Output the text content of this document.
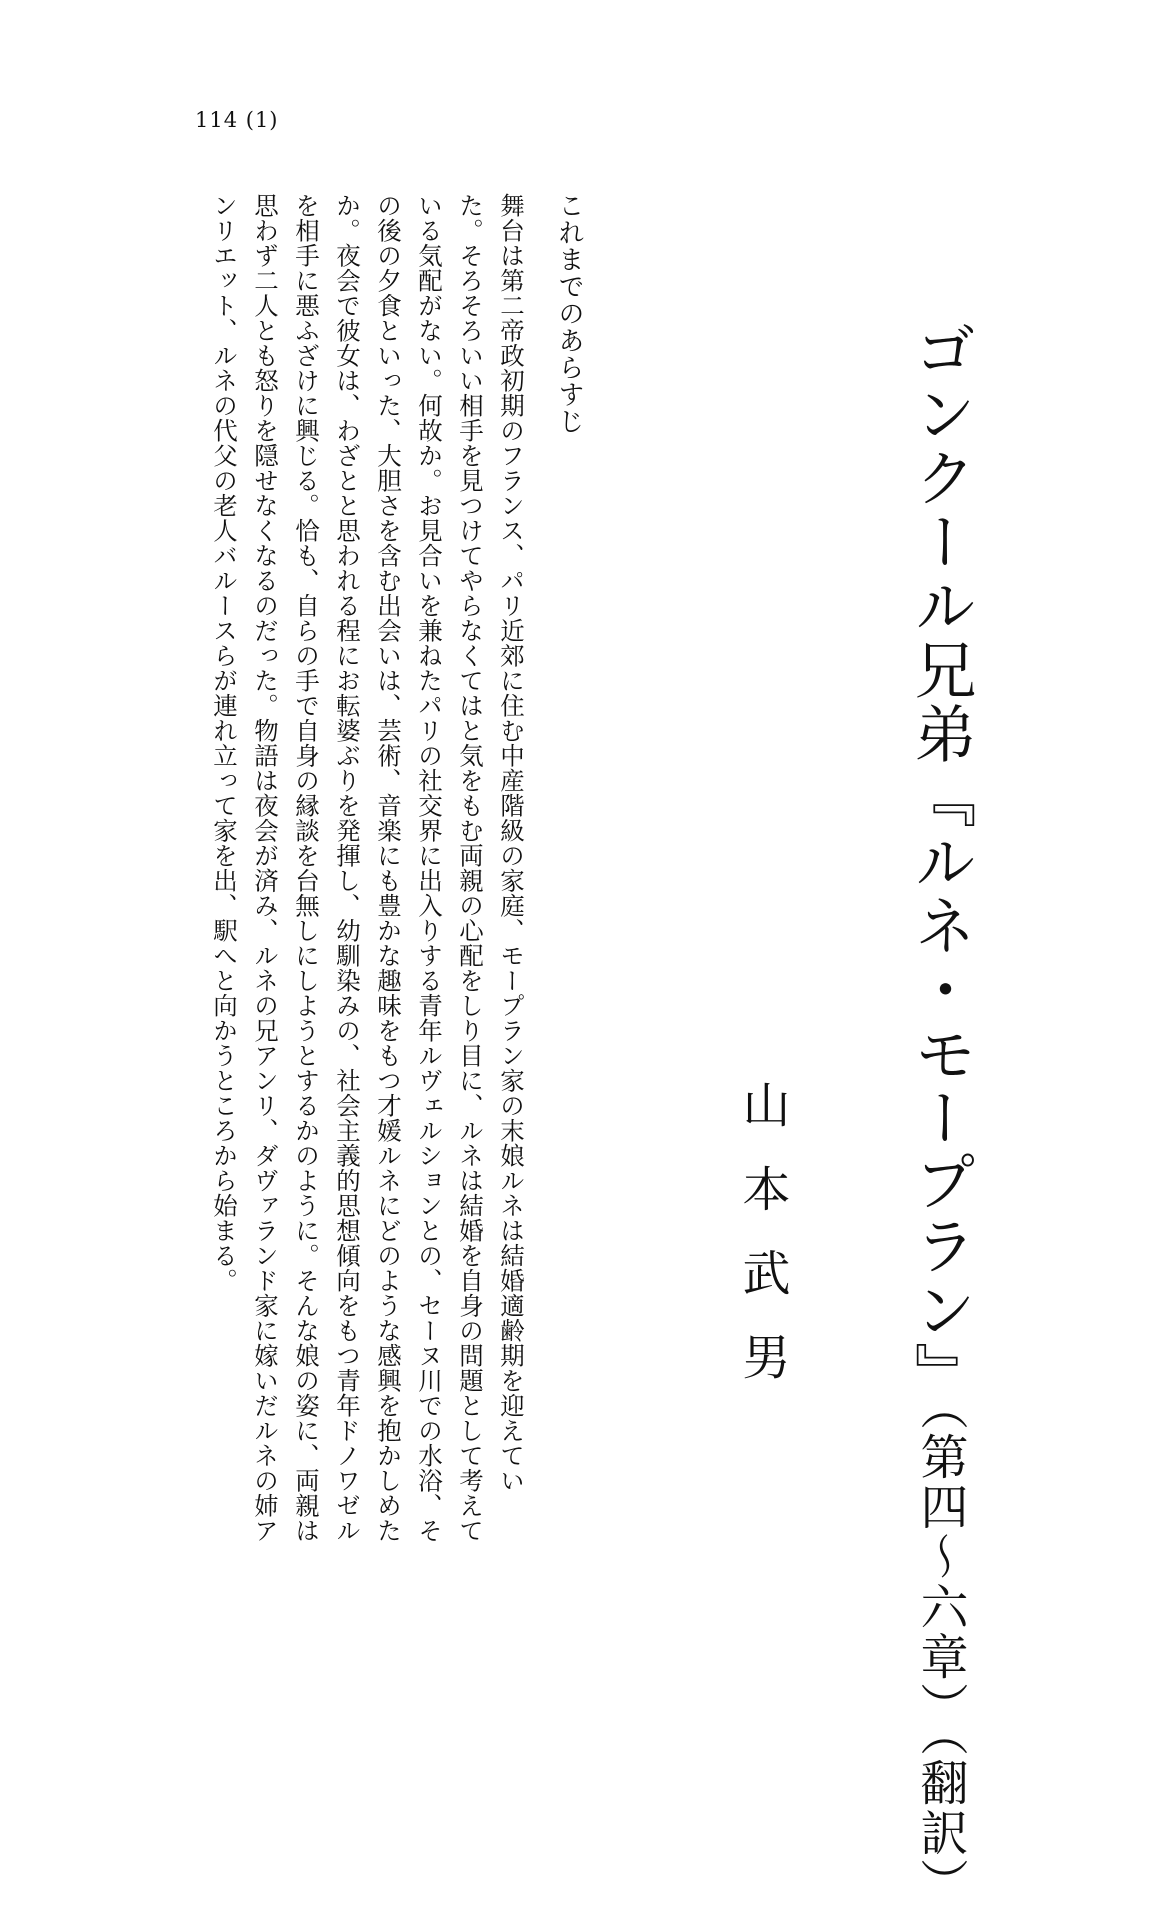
114 (1)
ゴンクール兄弟『ルネ・モープラン』（第四～六章）（翻訳）
山本武男
これまでのあらすじ
舞台は第二帝政初期のフランス、パリ近郊に住む中産階級の家庭、モープラン家の末娘ルネは結婚適齢期を迎えてい
た。そろそろいい相手を見つけてやらなくてはと気をもむ両親の心配をしり目に、ルネは結婚を自身の問題として考えて
いる気配がない。何故か。お見合いを兼ねたパリの社交界に出入りする青年ルヴェルションとの、セーヌ川での水浴、そ
の後の夕食といった、大胆さを含む出会いは、芸術、音楽にも豊かな趣味をもつ才媛ルネにどのような感興を抱かしめた
か。夜会で彼女は、わざとと思われる程にお転婆ぶりを発揮し、幼馴染みの、社会主義的思想傾向をもつ青年ドノワゼル
を相手に悪ふざけに興じる。恰も、自らの手で自身の縁談を台無しにしようとするかのように。そんな娘の姿に、両親は
思わず二人とも怒りを隠せなくなるのだった。物語は夜会が済み、ルネの兄アンリ、ダヴァランド家に嫁いだルネの姉ア
ンリエット、ルネの代父の老人バルースらが連れ立って家を出、駅へと向かうところから始まる。
